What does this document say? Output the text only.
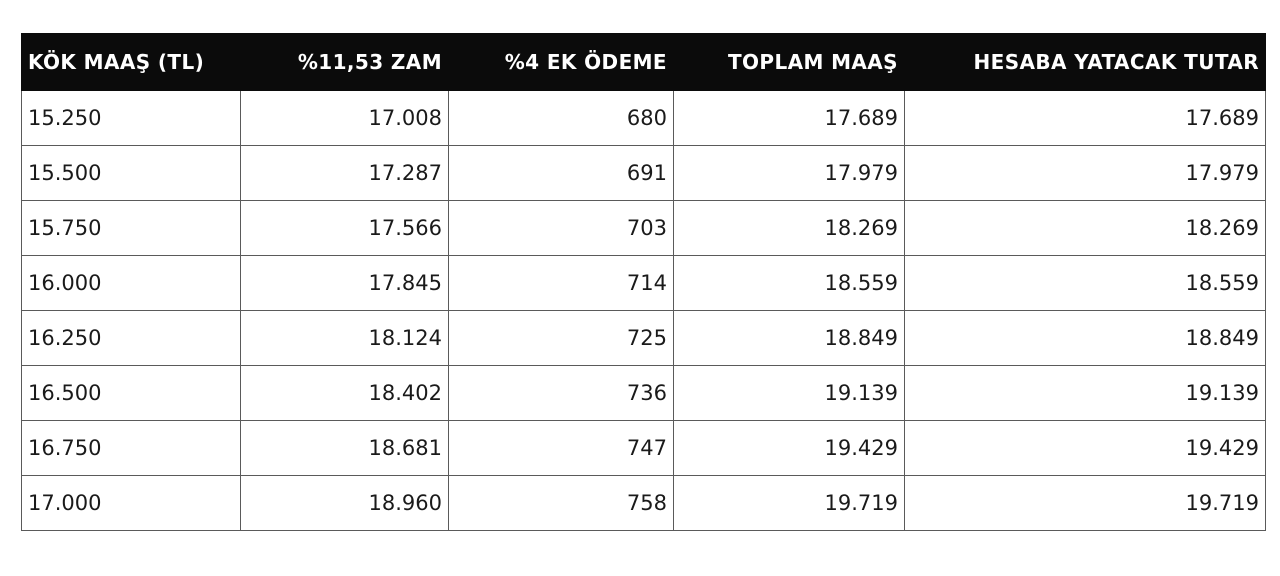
KÖK MAAŞ (TL)	%11,53 ZAM	%4 EK ÖDEME	TOPLAM MAAŞ	HESABA YATACAK TUTAR
15.250	17.008	680	17.689	17.689
15.500	17.287	691	17.979	17.979
15.750	17.566	703	18.269	18.269
16.000	17.845	714	18.559	18.559
16.250	18.124	725	18.849	18.849
16.500	18.402	736	19.139	19.139
16.750	18.681	747	19.429	19.429
17.000	18.960	758	19.719	19.719
